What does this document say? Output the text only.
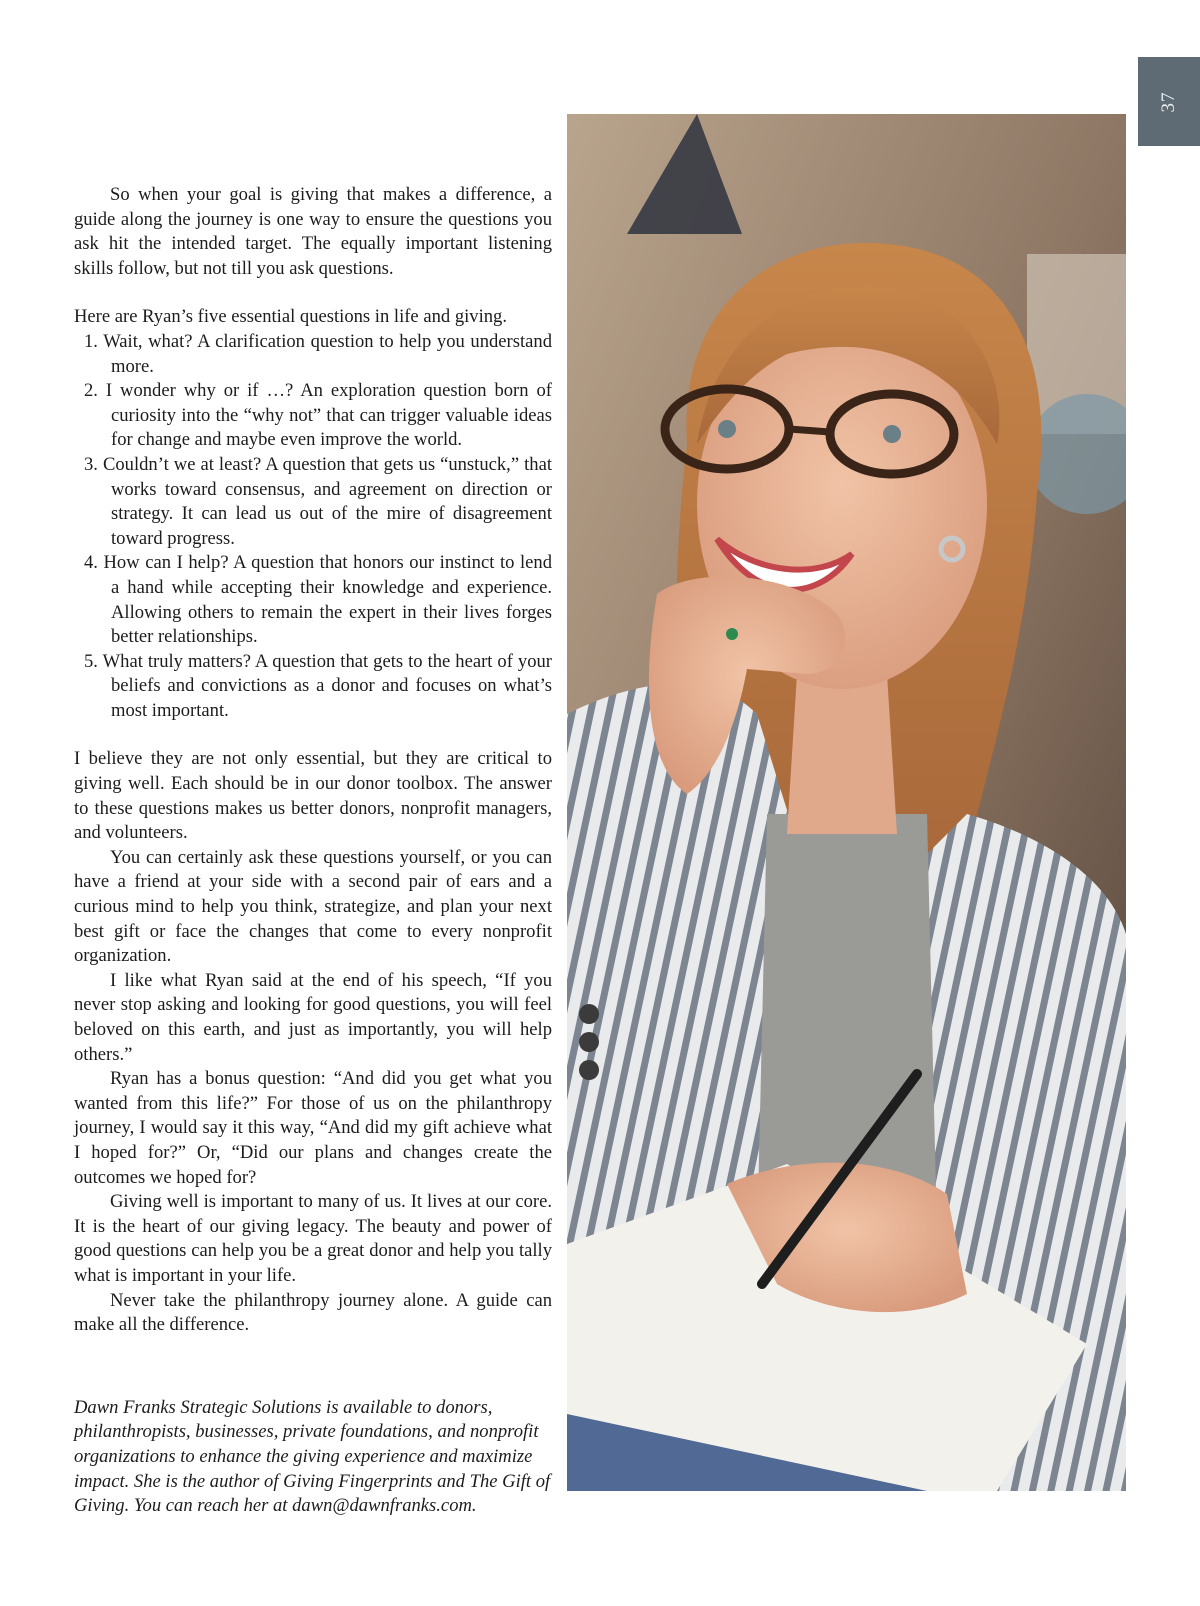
37

So when your goal is giving that makes a difference, a guide along the journey is one way to ensure the questions you ask hit the intended target. The equally important listening skills follow, but not till you ask questions.

Here are Ryan’s five essential questions in life and giving.

1. Wait, what? A clarification question to help you understand more.
2. I wonder why or if …? An exploration question born of curiosity into the “why not” that can trigger valuable ideas for change and maybe even improve the world.
3. Couldn’t we at least? A question that gets us “unstuck,” that works toward consensus, and agreement on direction or strategy. It can lead us out of the mire of disagreement toward progress.
4. How can I help? A question that honors our instinct to lend a hand while accepting their knowledge and experience. Allowing others to remain the expert in their lives forges better relationships.
5. What truly matters? A question that gets to the heart of your beliefs and convictions as a donor and focuses on what’s most important.

I believe they are not only essential, but they are critical to giving well. Each should be in our donor toolbox. The answer to these questions makes us better donors, nonprofit managers, and volunteers.

You can certainly ask these questions yourself, or you can have a friend at your side with a second pair of ears and a curious mind to help you think, strategize, and plan your next best gift or face the changes that come to every nonprofit organization.

I like what Ryan said at the end of his speech, “If you never stop asking and looking for good questions, you will feel beloved on this earth, and just as importantly, you will help others.”

Ryan has a bonus question: “And did you get what you wanted from this life?” For those of us on the philanthropy journey, I would say it this way, “And did my gift achieve what I hoped for?” Or, “Did our plans and changes create the outcomes we hoped for?

Giving well is important to many of us. It lives at our core. It is the heart of our giving legacy. The beauty and power of good questions can help you be a great donor and help you tally what is important in your life.

Never take the philanthropy journey alone. A guide can make all the difference.

Dawn Franks Strategic Solutions is available to donors, philanthropists, businesses, private foundations, and nonprofit organizations to enhance the giving experience and maximize impact. She is the author of Giving Fingerprints and The Gift of Giving. You can reach her at dawn@dawnfranks.com.
